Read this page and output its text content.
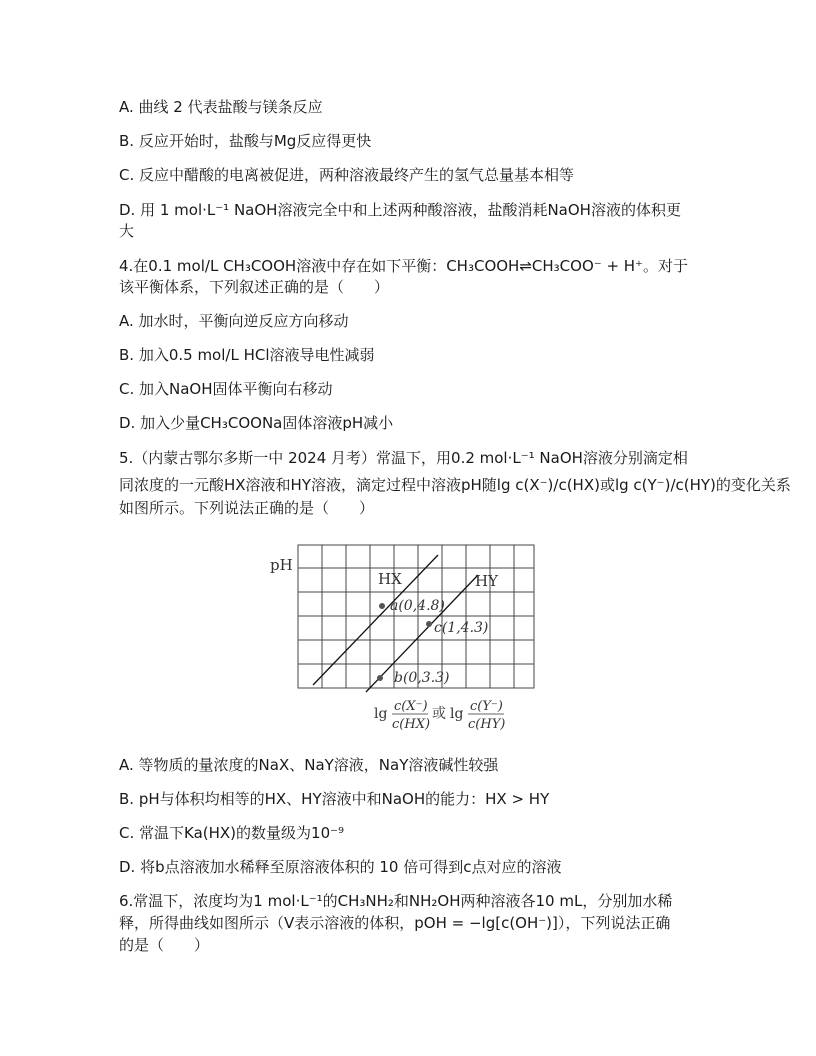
A. 曲线 2 代表盐酸与镁条反应
B. 反应开始时，盐酸与Mg反应得更快
C. 反应中醋酸的电离被促进，两种溶液最终产生的氢气总量基本相等
D. 用 1 mol·L⁻¹ NaOH溶液完全中和上述两种酸溶液，盐酸消耗NaOH溶液的体积更
大
4.在0.1 mol/L CH₃COOH溶液中存在如下平衡：CH₃COOH⇌CH₃COO⁻ + H⁺。对于
该平衡体系，下列叙述正确的是（　　）
A. 加水时，平衡向逆反应方向移动
B. 加入0.5 mol/L HCl溶液导电性减弱
C. 加入NaOH固体平衡向右移动
D. 加入少量CH₃COONa固体溶液pH减小
5.（内蒙古鄂尔多斯一中 2024 月考）常温下，用0.2 mol·L⁻¹ NaOH溶液分别滴定相
同浓度的一元酸HX溶液和HY溶液，滴定过程中溶液pH随lg c(X⁻)/c(HX)或lg c(Y⁻)/c(HY)的变化关系
如图所示。下列说法正确的是（　　）
pH
HX	HY
a(0,4.8)
c(1,4.3)
b(0,3.3)
lg c(X⁻)
c(HX)
或 lg c(Y⁻)
c(HY)
A. 等物质的量浓度的NaX、NaY溶液，NaY溶液碱性较强
B. pH与体积均相等的HX、HY溶液中和NaOH的能力：HX > HY
C. 常温下Ka(HX)的数量级为10⁻⁹
D. 将b点溶液加水稀释至原溶液体积的 10 倍可得到c点对应的溶液
6.常温下，浓度均为1 mol·L⁻¹的CH₃NH₂和NH₂OH两种溶液各10 mL，分别加水稀
释，所得曲线如图所示（V表示溶液的体积，pOH = −lg[c(OH⁻)]），下列说法正确
的是（　　）
